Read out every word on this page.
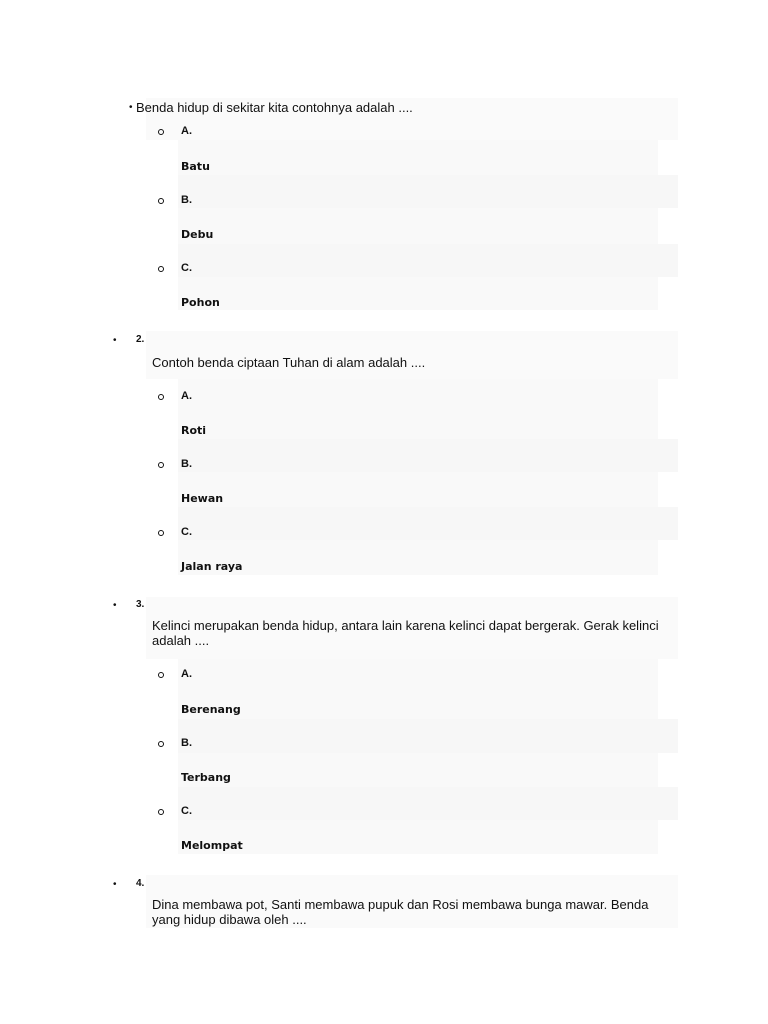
• Benda hidup di sekitar kita contohnya adalah ....
A.
Batu
B.
Debu
C.
Pohon
• 2.
Contoh benda ciptaan Tuhan di alam adalah ....
A.
Roti
B.
Hewan
C.
Jalan raya
• 3.
Kelinci merupakan benda hidup, antara lain karena kelinci dapat bergerak. Gerak kelinci adalah ....
A.
Berenang
B.
Terbang
C.
Melompat
• 4.
Dina membawa pot, Santi membawa pupuk dan Rosi membawa bunga mawar. Benda yang hidup dibawa oleh ....
